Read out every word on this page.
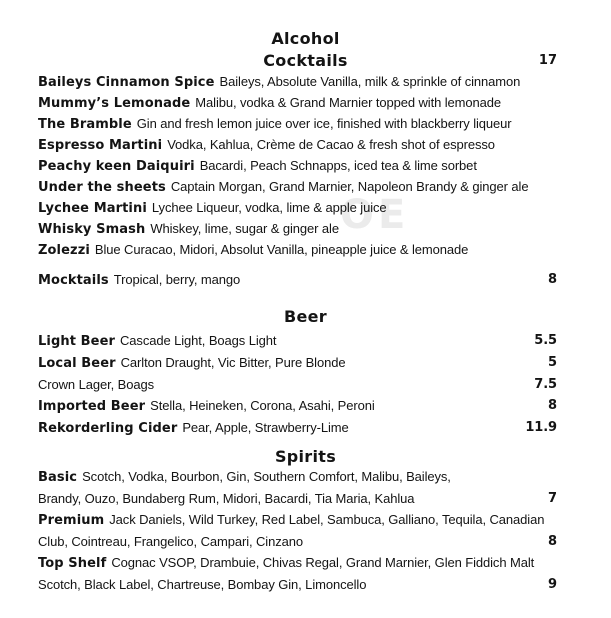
OE
Alcohol
Cocktails	17
Baileys Cinnamon Spice Baileys, Absolute Vanilla, milk & sprinkle of cinnamon
Mummy’s Lemonade Malibu, vodka & Grand Marnier topped with lemonade
The Bramble Gin and fresh lemon juice over ice, finished with blackberry liqueur
Espresso Martini Vodka, Kahlua, Crème de Cacao & fresh shot of espresso
Peachy keen Daiquiri Bacardi, Peach Schnapps, iced tea & lime sorbet
Under the sheets Captain Morgan, Grand Marnier, Napoleon Brandy & ginger ale
Lychee Martini Lychee Liqueur, vodka, lime & apple juice
Whisky Smash Whiskey, lime, sugar & ginger ale
Zolezzi Blue Curacao, Midori, Absolut Vanilla, pineapple juice & lemonade
Mocktails Tropical, berry, mango	8
Beer
Light Beer Cascade Light, Boags Light	5.5
Local Beer Carlton Draught, Vic Bitter, Pure Blonde	5
Crown Lager, Boags	7.5
Imported Beer Stella, Heineken, Corona, Asahi, Peroni	8
Rekorderling Cider Pear, Apple, Strawberry-Lime	11.9
Spirits
Basic Scotch, Vodka, Bourbon, Gin, Southern Comfort, Malibu, Baileys,
Brandy, Ouzo, Bundaberg Rum, Midori, Bacardi, Tia Maria, Kahlua	7
Premium Jack Daniels, Wild Turkey, Red Label, Sambuca, Galliano, Tequila, Canadian
Club, Cointreau, Frangelico, Campari, Cinzano	8
Top Shelf Cognac VSOP, Drambuie, Chivas Regal, Grand Marnier, Glen Fiddich Malt
Scotch, Black Label, Chartreuse, Bombay Gin, Limoncello	9
